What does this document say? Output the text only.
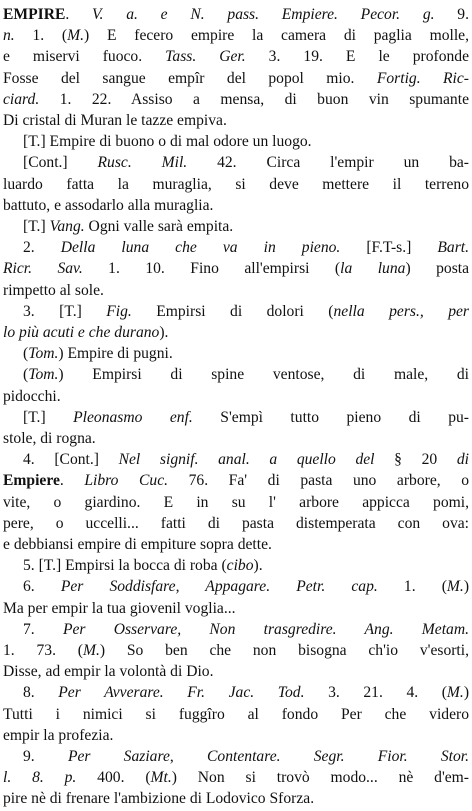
EMPIRE. V. a. e N. pass. Empiere. Pecor. g. 9.
n. 1. (M.) E fecero empire la camera di paglia molle,
e miservi fuoco. Tass. Ger. 3. 19. E le profonde
Fosse del sangue empîr del popol mio. Fortig. Ric-
ciard. 1. 22. Assiso a mensa, di buon vin spumante
Di cristal di Muran le tazze empiva.
[T.] Empire di buono o di mal odore un luogo.
[Cont.] Rusc. Mil. 42. Circa l'empir un ba-
luardo fatta la muraglia, si deve mettere il terreno
battuto, e assodarlo alla muraglia.
[T.] Vang. Ogni valle sarà empita.
2. Della luna che va in pieno. [F.T-s.] Bart.
Ricr. Sav. 1. 10. Fino all'empirsi (la luna) posta
rimpetto al sole.
3. [T.] Fig. Empirsi di dolori (nella pers., per
lo più acuti e che durano).
(Tom.) Empire di pugni.
(Tom.) Empirsi di spine ventose, di male, di
pidocchi.
[T.] Pleonasmo enf. S'empì tutto pieno di pu-
stole, di rogna.
4. [Cont.] Nel signif. anal. a quello del § 20 di
Empiere. Libro Cuc. 76. Fa' di pasta uno arbore, o
vite, o giardino. E in su l' arbore appicca pomi,
pere, o uccelli... fatti di pasta distemperata con ova:
e debbiansi empire di empiture sopra dette.
5. [T.] Empirsi la bocca di roba (cibo).
6. Per Soddisfare, Appagare. Petr. cap. 1. (M.)
Ma per empir la tua giovenil voglia...
7. Per Osservare, Non trasgredire. Ang. Metam.
1. 73. (M.) So ben che non bisogna ch'io v'esorti,
Disse, ad empir la volontà di Dio.
8. Per Avverare. Fr. Jac. Tod. 3. 21. 4. (M.)
Tutti i nimici si fuggîro al fondo Per che videro
empir la profezia.
9. Per Saziare, Contentare. Segr. Fior. Stor.
l. 8. p. 400. (Mt.) Non si trovò modo... nè d'em-
pire nè di frenare l'ambizione di Lodovico Sforza.
